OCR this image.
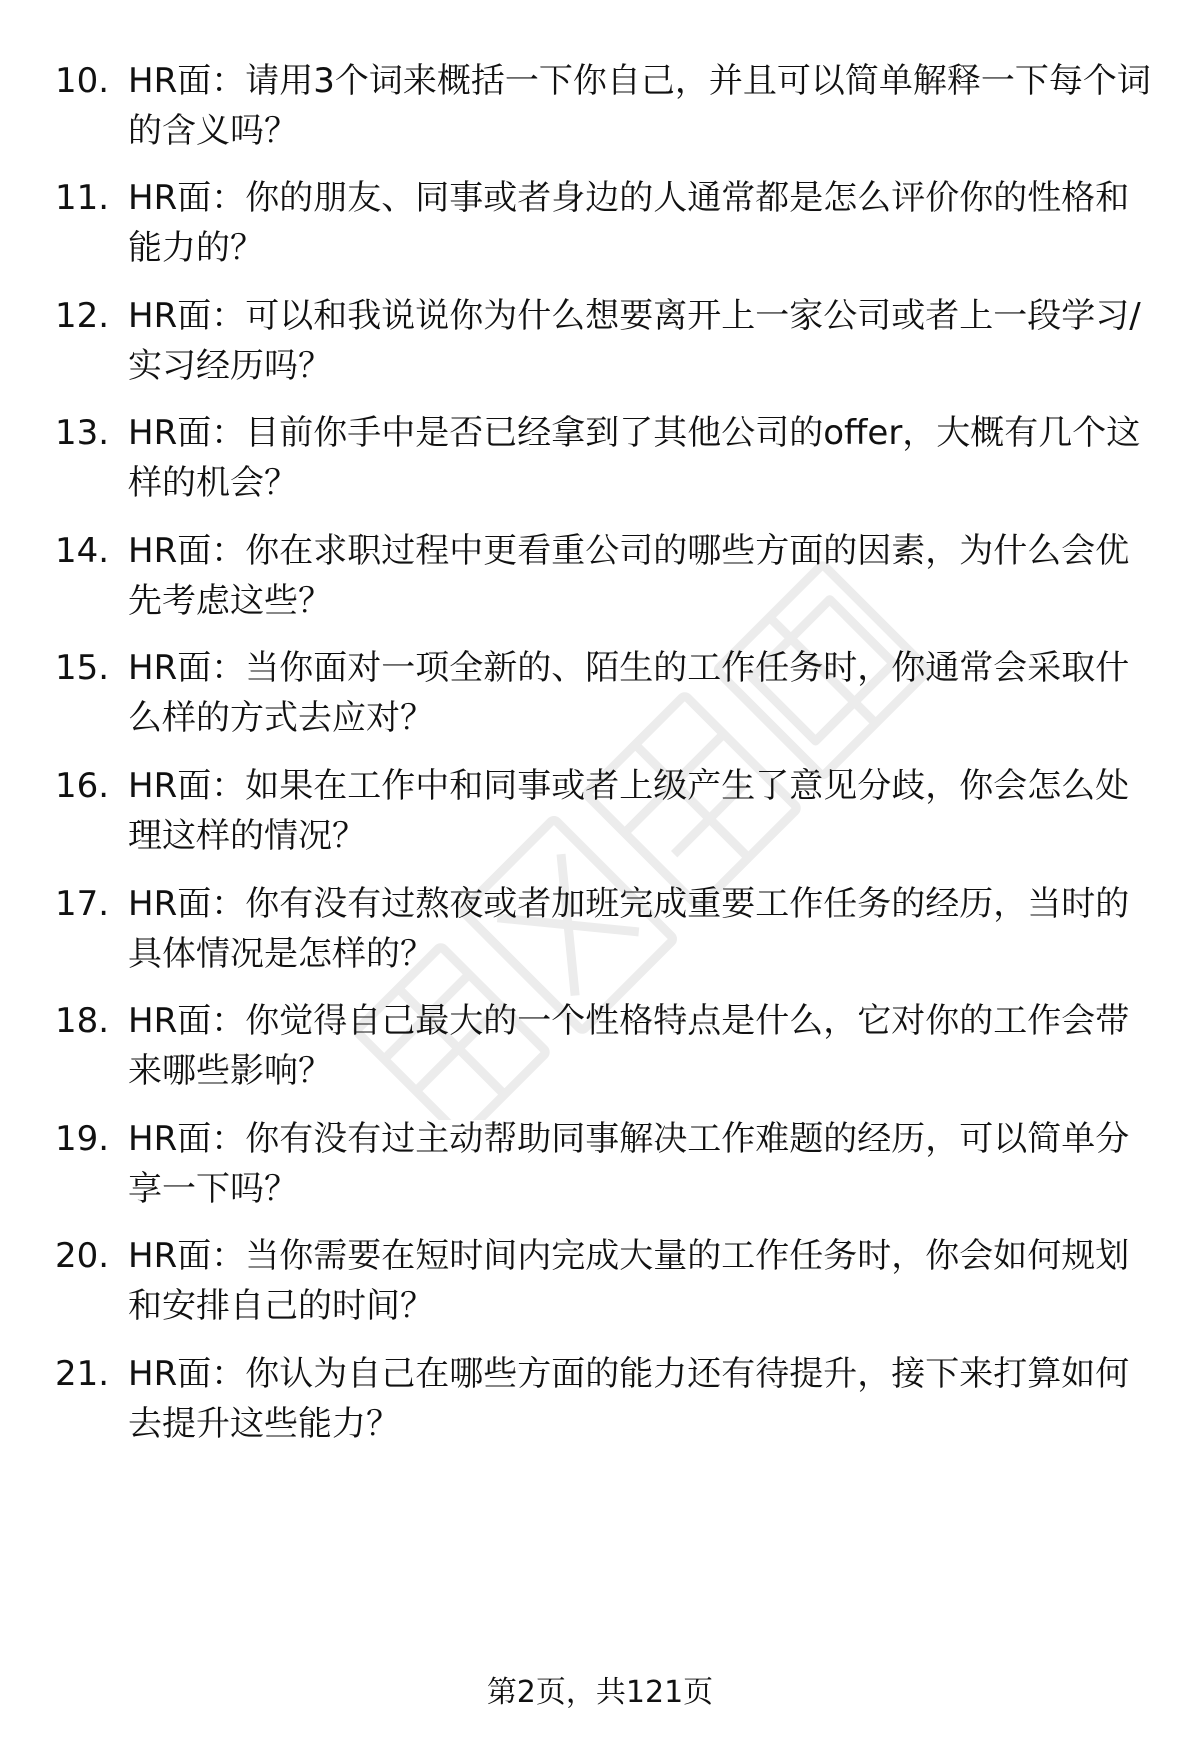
10. HR面：请用3个词来概括一下你自己，并且可以简单解释一下每个词的含义吗？
11. HR面：你的朋友、同事或者身边的人通常都是怎么评价你的性格和能力的？
12. HR面：可以和我说说你为什么想要离开上一家公司或者上一段学习/实习经历吗？
13. HR面：目前你手中是否已经拿到了其他公司的offer，大概有几个这样的机会？
14. HR面：你在求职过程中更看重公司的哪些方面的因素，为什么会优先考虑这些？
15. HR面：当你面对一项全新的、陌生的工作任务时，你通常会采取什么样的方式去应对？
16. HR面：如果在工作中和同事或者上级产生了意见分歧，你会怎么处理这样的情况？
17. HR面：你有没有过熬夜或者加班完成重要工作任务的经历，当时的具体情况是怎样的？
18. HR面：你觉得自己最大的一个性格特点是什么，它对你的工作会带来哪些影响？
19. HR面：你有没有过主动帮助同事解决工作难题的经历，可以简单分享一下吗？
20. HR面：当你需要在短时间内完成大量的工作任务时，你会如何规划和安排自己的时间？
21. HR面：你认为自己在哪些方面的能力还有待提升，接下来打算如何去提升这些能力？
第2页，共121页
